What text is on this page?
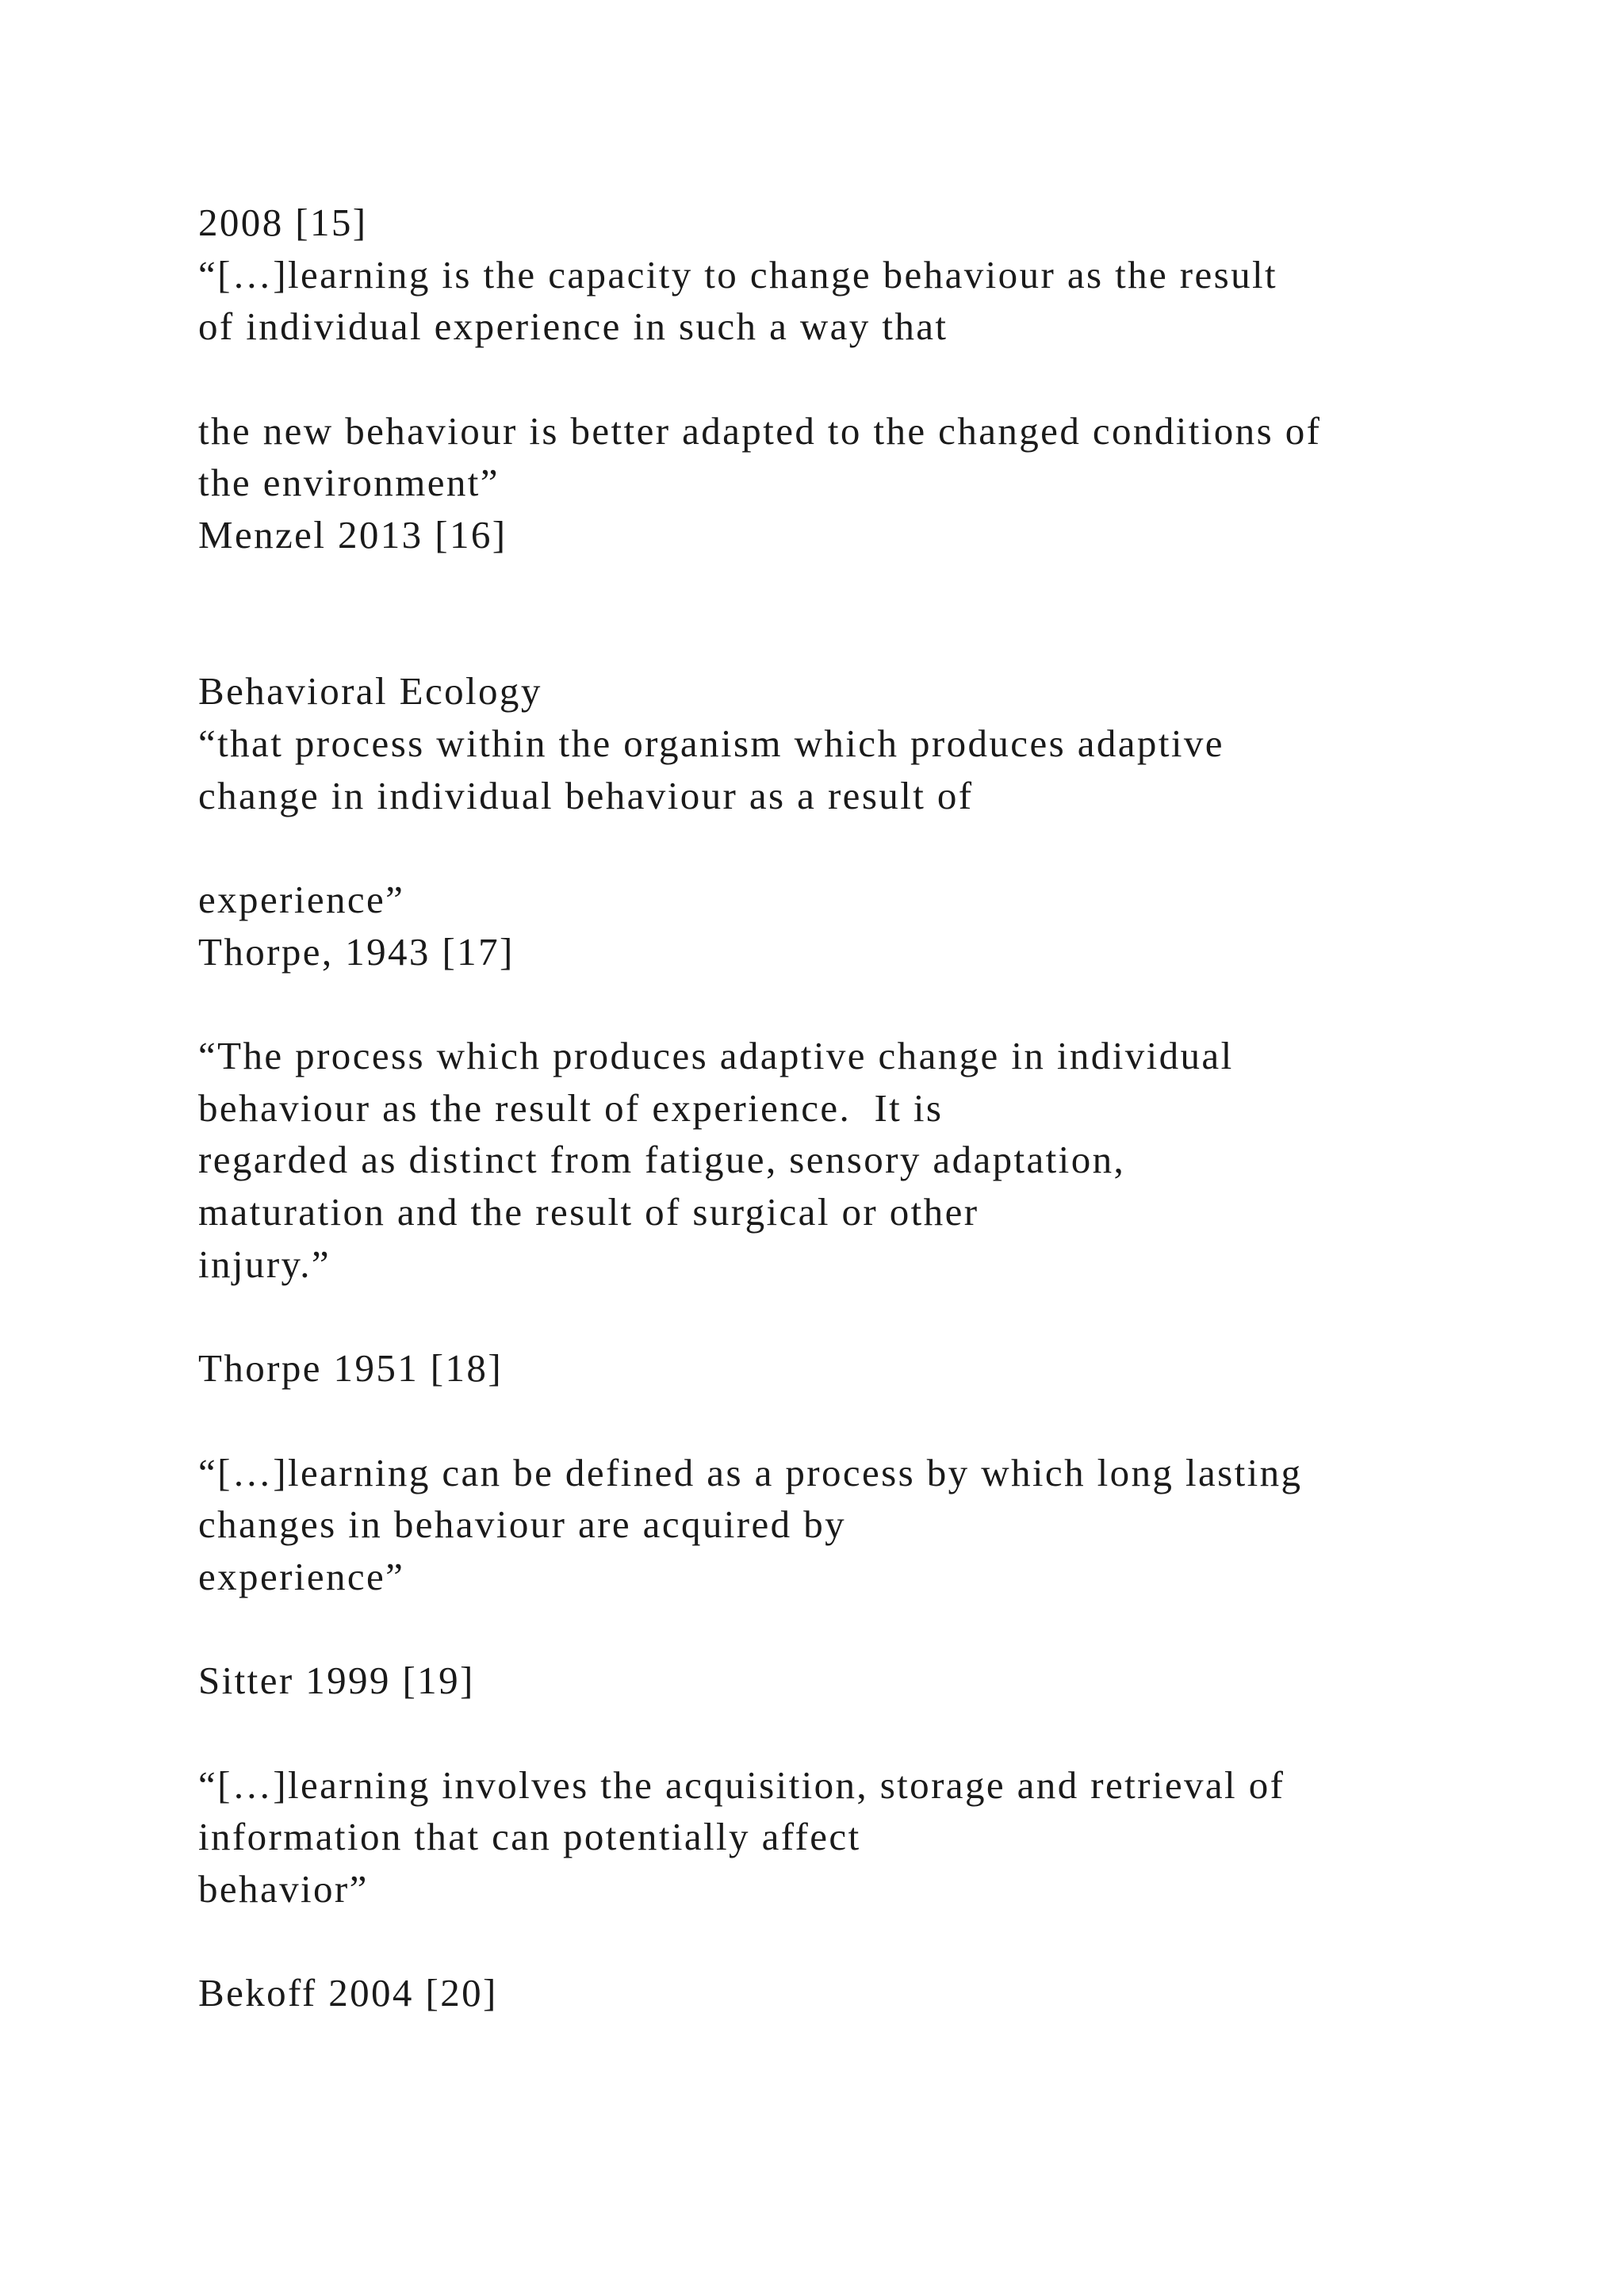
2008 [15]
“[…]learning is the capacity to change behaviour as the result
of individual experience in such a way that
the new behaviour is better adapted to the changed conditions of
the environment”
Menzel 2013 [16]
Behavioral Ecology
“that process within the organism which produces adaptive
change in individual behaviour as a result of
experience”
Thorpe, 1943 [17]
“The process which produces adaptive change in individual
behaviour as the result of experience.  It is
regarded as distinct from fatigue, sensory adaptation,
maturation and the result of surgical or other
injury.”
Thorpe 1951 [18]
“[…]learning can be defined as a process by which long lasting
changes in behaviour are acquired by
experience”
Sitter 1999 [19]
“[…]learning involves the acquisition, storage and retrieval of
information that can potentially affect
behavior”
Bekoff 2004 [20]
